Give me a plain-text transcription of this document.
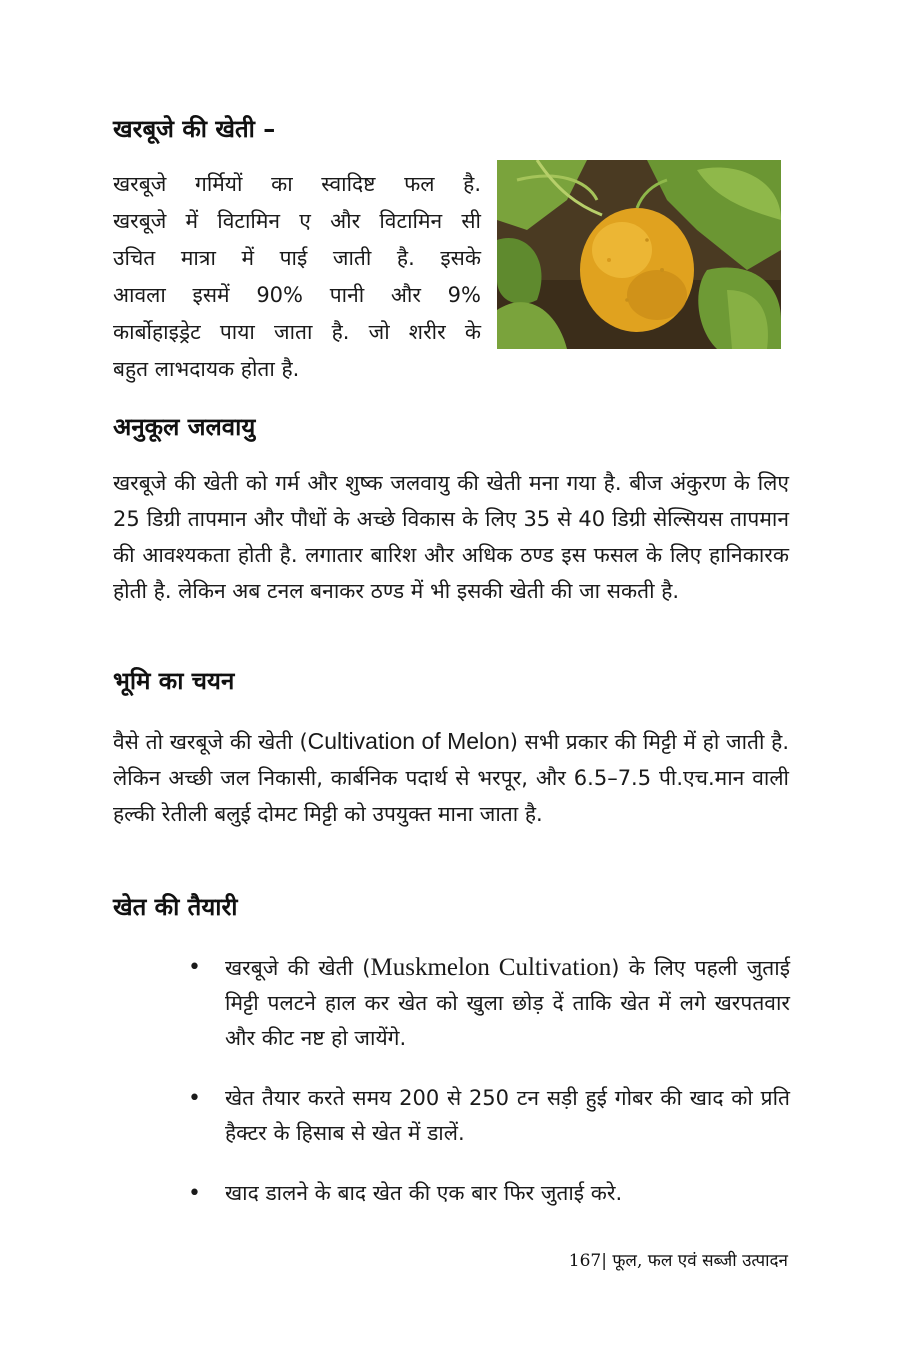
खरबूजे की खेती –
खरबूजे गर्मियों का स्वादिष्ट फल है.
खरबूजे में विटामिन ए और विटामिन सी
उचित मात्रा में पाई जाती है. इसके
आवला इसमें 90% पानी और 9%
कार्बोहाइड्रेट पाया जाता है. जो शरीर के
बहुत लाभदायक होता है.
अनुकूल जलवायु

खरबूजे की खेती को गर्म और शुष्क जलवायु की खेती मना गया है. बीज अंकुरण के लिए 25 डिग्री तापमान और पौधों के अच्छे विकास के लिए 35 से 40 डिग्री सेल्सियस तापमान की आवश्यकता होती है. लगातार बारिश और अधिक ठण्ड इस फसल के लिए हानिकारक होती है. लेकिन अब टनल बनाकर ठण्ड में भी इसकी खेती की जा सकती है.

भूमि का चयन

वैसे तो खरबूजे की खेती (Cultivation of Melon) सभी प्रकार की मिट्टी में हो जाती है. लेकिन अच्छी जल निकासी, कार्बनिक पदार्थ से भरपूर, और 6.5–7.5 पी.एच.मान वाली हल्की रेतीली बलुई दोमट मिट्टी को उपयुक्त माना जाता है.

खेत की तैयारी
• खरबूजे की खेती (Muskmelon Cultivation) के लिए पहली जुताई मिट्टी पलटने हाल कर खेत को खुला छोड़ दें ताकि खेत में लगे खरपतवार और कीट नष्ट हो जायेंगे.
• खेत तैयार करते समय 200 से 250 टन सड़ी हुई गोबर की खाद को प्रति हैक्टर के हिसाब से खेत में डालें.
• खाद डालने के बाद खेत की एक बार फिर जुताई करे.
167| फूल, फल एवं सब्जी उत्पादन
